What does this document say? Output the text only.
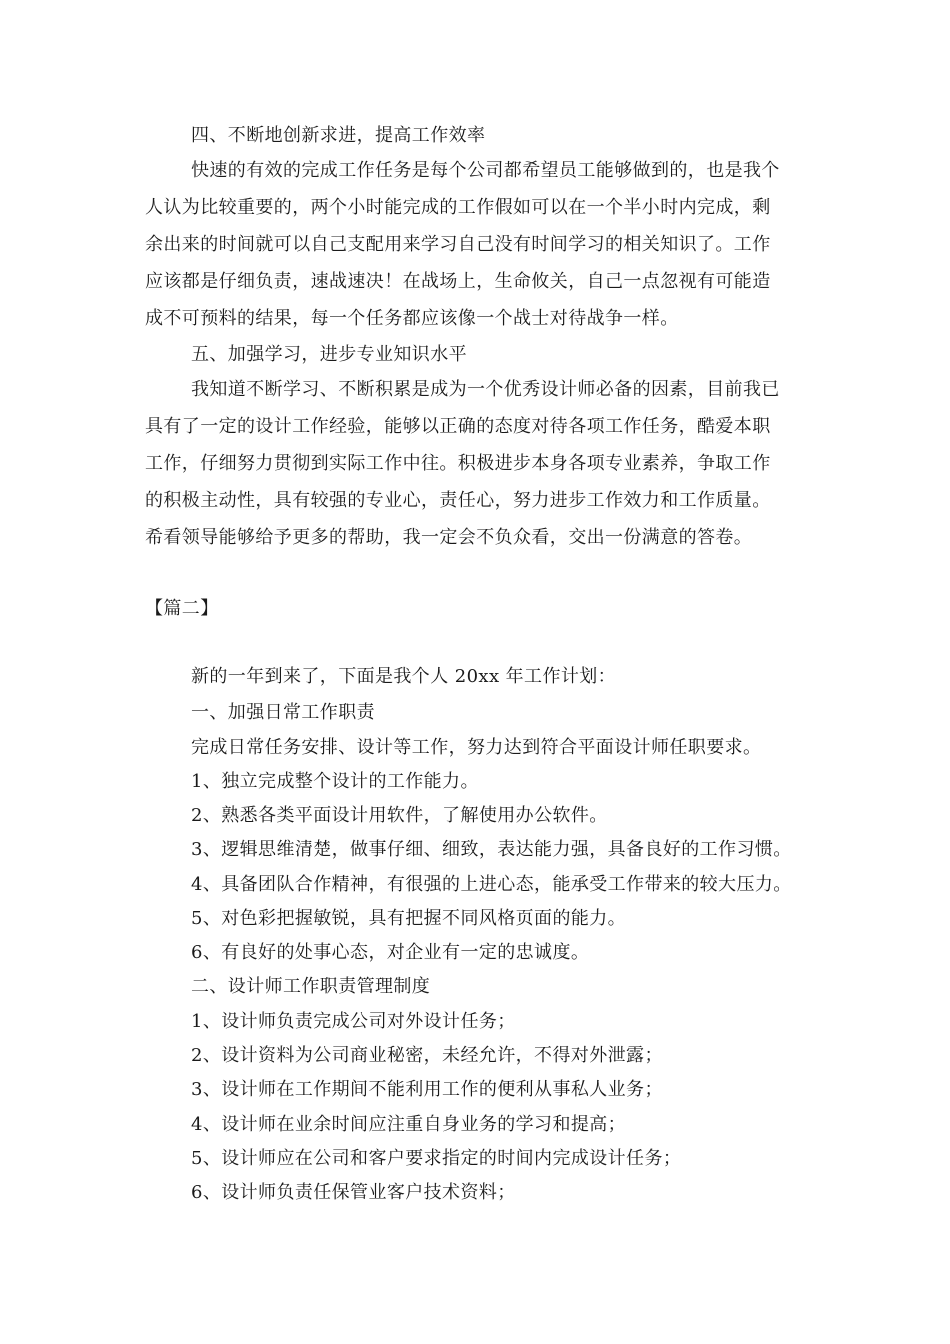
四、不断地创新求进，提高工作效率
快速的有效的完成工作任务是每个公司都希望员工能够做到的，也是我个
人认为比较重要的，两个小时能完成的工作假如可以在一个半小时内完成，剩
余出来的时间就可以自己支配用来学习自己没有时间学习的相关知识了。工作
应该都是仔细负责，速战速决！在战场上，生命攸关，自己一点忽视有可能造
成不可预料的结果，每一个任务都应该像一个战士对待战争一样。
五、加强学习，进步专业知识水平
我知道不断学习、不断积累是成为一个优秀设计师必备的因素，目前我已
具有了一定的设计工作经验，能够以正确的态度对待各项工作任务，酷爱本职
工作，仔细努力贯彻到实际工作中往。积极进步本身各项专业素养，争取工作
的积极主动性，具有较强的专业心，责任心，努力进步工作效力和工作质量。
希看领导能够给予更多的帮助，我一定会不负众看，交出一份满意的答卷。
【篇二】
新的一年到来了，下面是我个人 20xx 年工作计划：
一、加强日常工作职责
完成日常任务安排、设计等工作，努力达到符合平面设计师任职要求。
1、独立完成整个设计的工作能力。
2、熟悉各类平面设计用软件，了解使用办公软件。
3、逻辑思维清楚，做事仔细、细致，表达能力强，具备良好的工作习惯。
4、具备团队合作精神，有很强的上进心态，能承受工作带来的较大压力。
5、对色彩把握敏锐，具有把握不同风格页面的能力。
6、有良好的处事心态，对企业有一定的忠诚度。
二、设计师工作职责管理制度
1、设计师负责完成公司对外设计任务；
2、设计资料为公司商业秘密，未经允许，不得对外泄露；
3、设计师在工作期间不能利用工作的便利从事私人业务；
4、设计师在业余时间应注重自身业务的学习和提高；
5、设计师应在公司和客户要求指定的时间内完成设计任务；
6、设计师负责任保管业客户技术资料；
